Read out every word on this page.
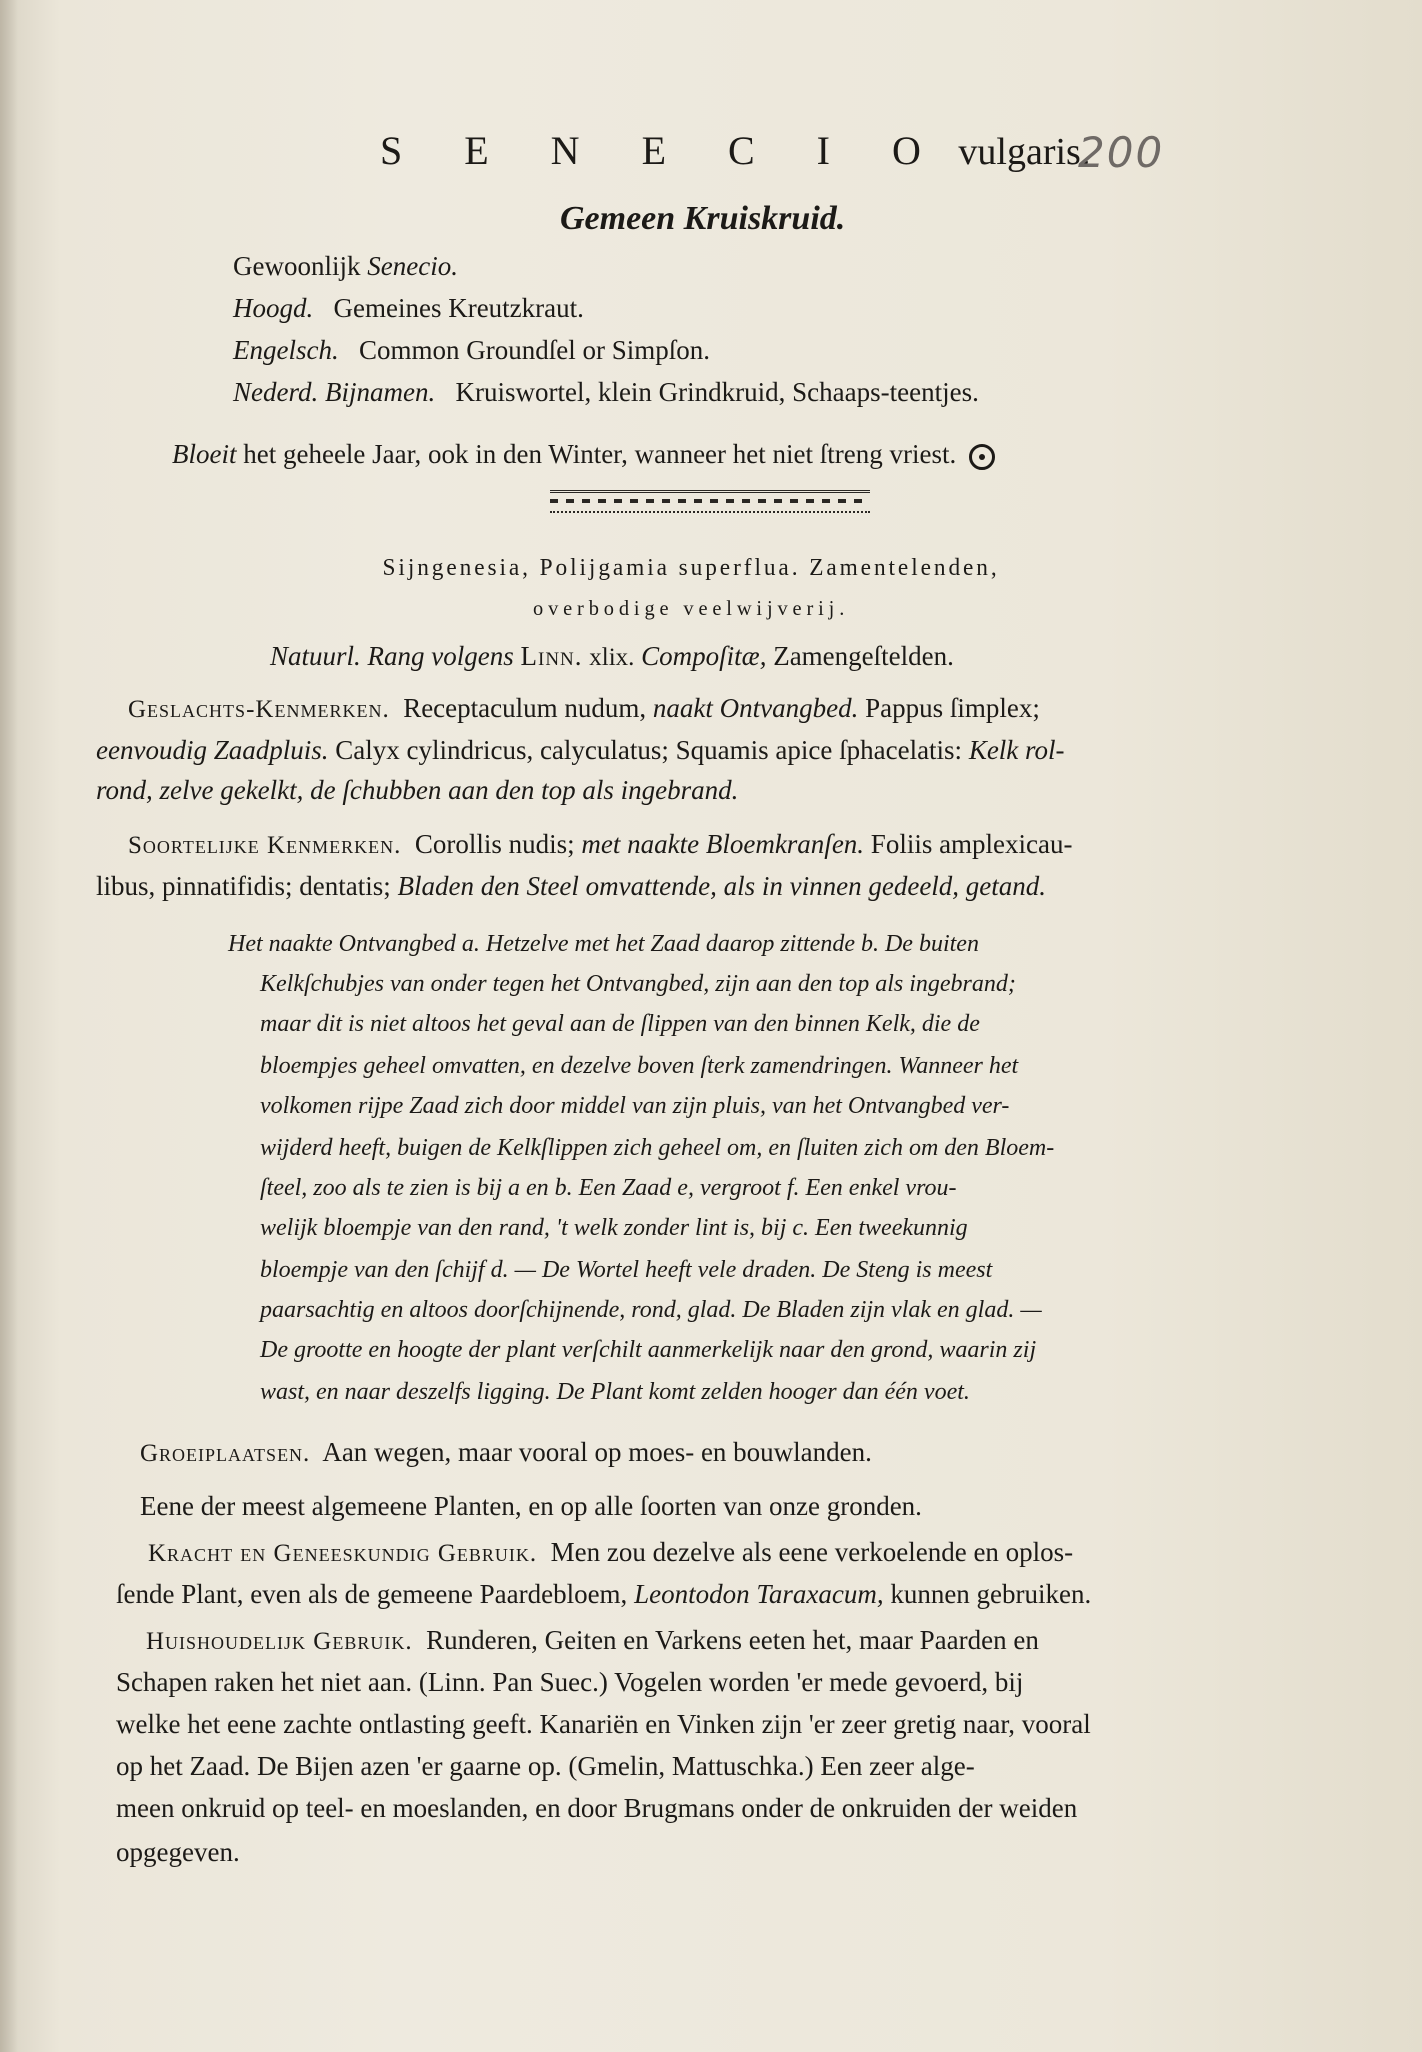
S E N E C I O vulgaris.
200
Gemeen Kruiskruid.
Gewoonlijk Senecio.
Hoogd. Gemeines Kreutzkraut.
Engelsch. Common Groundſel or Simpſon.
Nederd. Bijnamen. Kruiswortel, klein Grindkruid, Schaaps-teentjes.
Bloeit het geheele Jaar, ook in den Winter, wanneer het niet ſtreng vriest.
Sijngenesia, Polijgamia superflua. Zamentelenden,
overbodige veelwijverij.
Natuurl. Rang volgens Linn. xlix. Compoſitæ, Zamengeſtelden.
Geslachts-Kenmerken. Receptaculum nudum, naakt Ontvangbed. Pappus ſimplex;
eenvoudig Zaadpluis. Calyx cylindricus, calyculatus; Squamis apice ſphacelatis: Kelk rol-
rond, zelve gekelkt, de ſchubben aan den top als ingebrand.
Soortelijke Kenmerken. Corollis nudis; met naakte Bloemkranſen. Foliis amplexicau-
libus, pinnatifidis; dentatis; Bladen den Steel omvattende, als in vinnen gedeeld, getand.
Het naakte Ontvangbed a. Hetzelve met het Zaad daarop zittende b. De buiten
Kelkſchubjes van onder tegen het Ontvangbed, zijn aan den top als ingebrand;
maar dit is niet altoos het geval aan de ſlippen van den binnen Kelk, die de
bloempjes geheel omvatten, en dezelve boven ſterk zamendringen. Wanneer het
volkomen rijpe Zaad zich door middel van zijn pluis, van het Ontvangbed ver-
wijderd heeft, buigen de Kelkſlippen zich geheel om, en ſluiten zich om den Bloem-
ſteel, zoo als te zien is bij a en b. Een Zaad e, vergroot f. Een enkel vrou-
welijk bloempje van den rand, 't welk zonder lint is, bij c. Een tweekunnig
bloempje van den ſchijf d. — De Wortel heeft vele draden. De Steng is meest
paarsachtig en altoos doorſchijnende, rond, glad. De Bladen zijn vlak en glad. —
De grootte en hoogte der plant verſchilt aanmerkelijk naar den grond, waarin zij
wast, en naar deszelfs ligging. De Plant komt zelden hooger dan één voet.
Groeiplaatsen. Aan wegen, maar vooral op moes- en bouwlanden.
Eene der meest algemeene Planten, en op alle ſoorten van onze gronden.
Kracht en Geneeskundig Gebruik. Men zou dezelve als eene verkoelende en oplos-
ſende Plant, even als de gemeene Paardebloem, Leontodon Taraxacum, kunnen gebruiken.
Huishoudelijk Gebruik. Runderen, Geiten en Varkens eeten het, maar Paarden en
Schapen raken het niet aan. (Linn. Pan Suec.) Vogelen worden 'er mede gevoerd, bij
welke het eene zachte ontlasting geeft. Kanariën en Vinken zijn 'er zeer gretig naar, vooral
op het Zaad. De Bijen azen 'er gaarne op. (Gmelin, Mattuschka.) Een zeer alge-
meen onkruid op teel- en moeslanden, en door Brugmans onder de onkruiden der weiden
opgegeven.
